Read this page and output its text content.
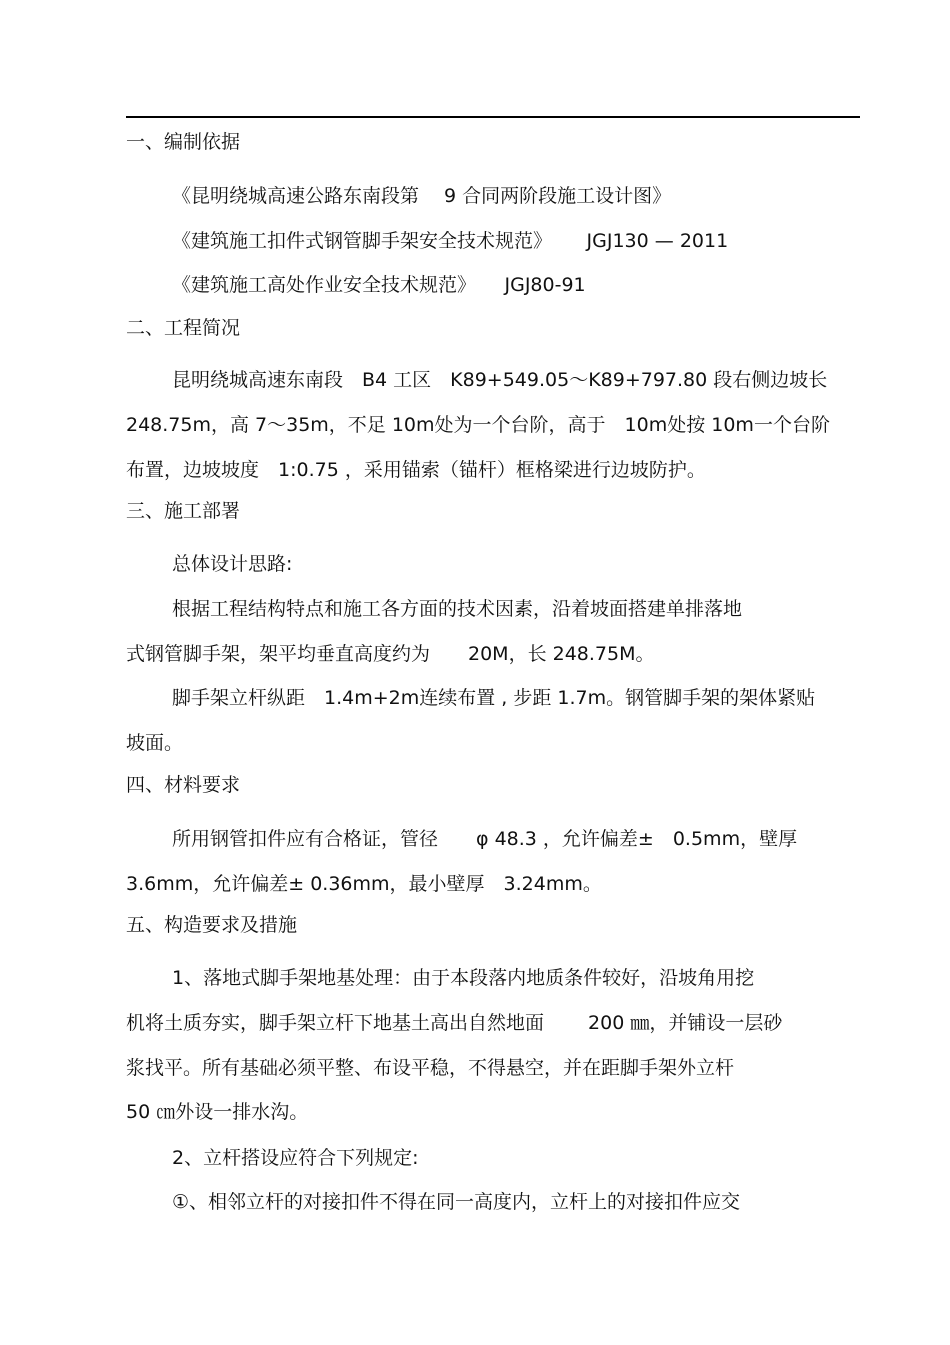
一、编制依据
《昆明绕城高速公路东南段第　 9 合同两阶段施工设计图》
《建筑施工扣件式钢管脚手架安全技术规范》　　 JGJ130 — 2011
《建筑施工高处作业安全技术规范》　　JGJ80-91
二、工程简况
昆明绕城高速东南段　B4 工区　K89+549.05～K89+797.80 段右侧边坡长
248.75m，高 7～35m，不足 10m处为一个台阶，高于　10m处按 10m一个台阶
布置，边坡坡度　1:0.75 ，采用锚索（锚杆）框格梁进行边坡防护。
三、施工部署
总体设计思路:
根据工程结构特点和施工各方面的技术因素，沿着坡面搭建单排落地
式钢管脚手架，架平均垂直高度约为　　20M，长 248.75M。
脚手架立杆纵距　1.4m+2m连续布置 , 步距 1.7m。钢管脚手架的架体紧贴
坡面。
四、材料要求
所用钢管扣件应有合格证，管径　　φ 48.3 ，允许偏差±　0.5mm，壁厚
3.6mm，允许偏差± 0.36mm，最小壁厚　3.24mm。
五、构造要求及措施
1、落地式脚手架地基处理：由于本段落内地质条件较好，沿坡角用挖
机将土质夯实，脚手架立杆下地基土高出自然地面　　 200 ㎜，并铺设一层砂
浆找平。所有基础必须平整、布设平稳，不得悬空，并在距脚手架外立杆
50 ㎝外设一排水沟。
2、立杆搭设应符合下列规定:
①、相邻立杆的对接扣件不得在同一高度内，立杆上的对接扣件应交
